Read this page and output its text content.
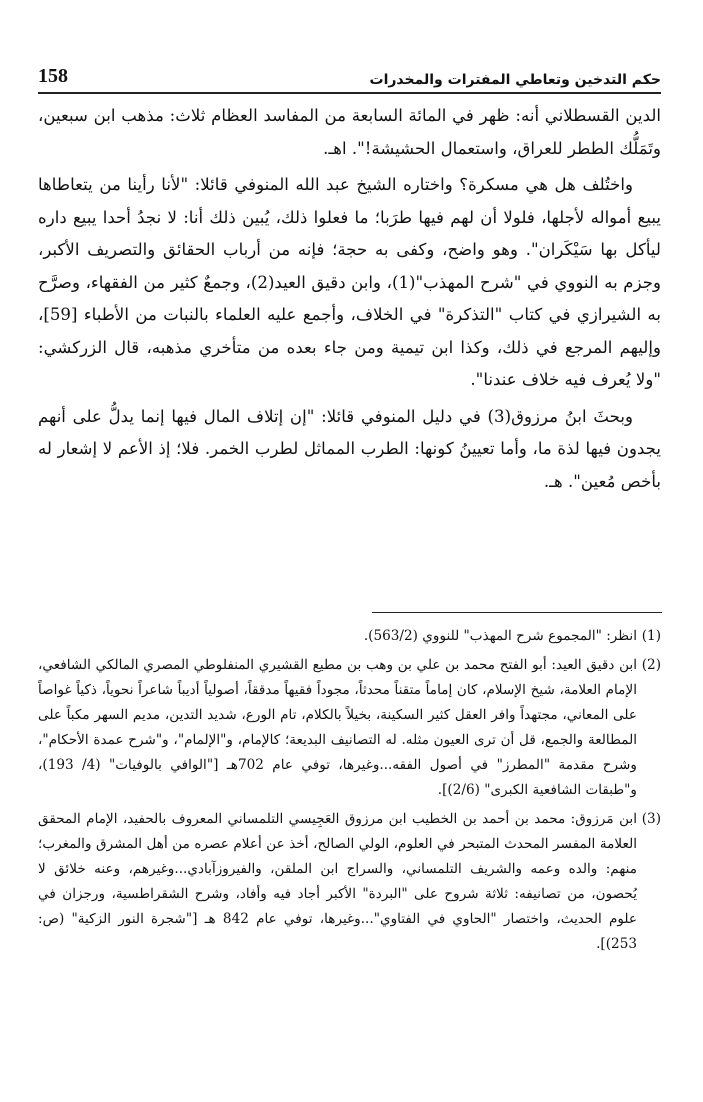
158	حكم التدخين وتعاطي المفترات والمخدرات

الدين القسطلاني أنه: ظهر في المائة السابعة من المفاسد العظام ثلاث: مذهب ابن سبعين، وتَمَلُّك الططر للعراق، واستعمال الحشيشة!". اهـ.

واختُلف هل هي مسكرة؟ واختاره الشيخ عبد الله المنوفي قائلا: "لأنا رأينا من يتعاطاها يبيع أمواله لأجلها، فلولا أن لهم فيها طرَبا؛ ما فعلوا ذلك، يُبين ذلك أنا: لا نجدُ أحدا يبيع داره ليأكل بها سَيْكَران". وهو واضح، وكفى به حجة؛ فإنه من أرباب الحقائق والتصريف الأكبر، وجزم به النووي في "شرح المهذب"(1)، وابن دقيق العيد(2)، وجمعٌ كثير من الفقهاء، وصرَّح به الشيرازي في كتاب "التذكرة" في الخلاف، وأجمع عليه العلماء بالنبات من الأطباء [59]، وإليهم المرجع في ذلك، وكذا ابن تيمية ومن جاء بعده من متأخري مذهبه، قال الزركشي: "ولا يُعرف فيه خلاف عندنا".

وبحثَ ابنُ مرزوق(3) في دليل المنوفي قائلا: "إن إتلاف المال فيها إنما يدلُّ على أنهم يجدون فيها لذة ما، وأما تعيينُ كونها: الطرب المماثل لطرب الخمر. فلا؛ إذ الأعم لا إشعار له بأخص مُعين". هـ.

(1)
انظر: "المجموع شرح المهذب" للنووي (563/2).
(2)
ابن دقيق العيد: أبو الفتح محمد بن علي بن وهب بن مطيع القشيري المنفلوطي المصري المالكي الشافعي، الإمام العلامة، شيخ الإسلام، كان إماماً متقناً محدثاً، مجوداً فقيهاً مدققاً، أصولياً أديباً شاعراً نحوياً، ذكياً غواصاً على المعاني، مجتهداً وافر العقل كثير السكينة، بخيلاً بالكلام، تام الورع، شديد التدين، مديم السهر مكباً على المطالعة والجمع، قل أن ترى العيون مثله. له التصانيف البديعة؛ كالإمام، و"الإلمام"، و"شرح عمدة الأحكام"، وشرح مقدمة "المطرز" في أصول الفقه...وغيرها، توفي عام 702هـ ["الوافي بالوفيات" (4/ 193)، و"طبقات الشافعية الكبرى" (2/6)].
(3)
ابن مَرزوق: محمد بن أحمد بن الخطيب ابن مرزوق العَجِيسي التلمساني المعروف بالحفيد، الإمام المحقق العلامة المفسر المحدث المتبحر في العلوم، الولي الصالح، أخذ عن أعلام عصره من أهل المشرق والمغرب؛ منهم: والده وعمه والشريف التلمساني، والسراج ابن الملقن، والفيروزآبادي...وغيرهم، وعنه خلائق لا يُحصون، من تصانيفه: ثلاثة شروح على "البردة" الأكبر أجاد فيه وأفاد، وشرح الشقراطسية، ورجزان في علوم الحديث، واختصار "الحاوي في الفتاوي"...وغيرها، توفي عام 842 هـ ["شجرة النور الزكية" (ص: 253)].
